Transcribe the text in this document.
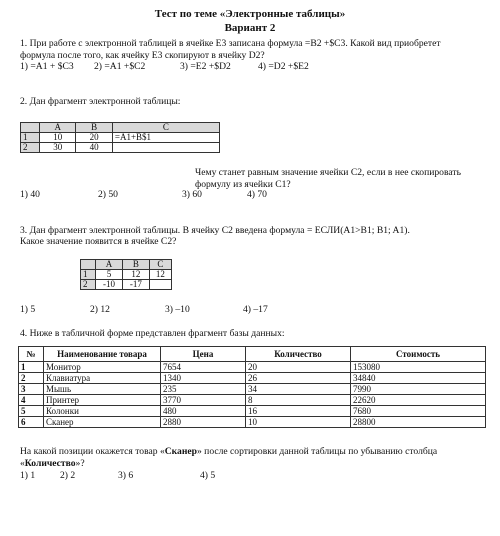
Тест по теме «Электронные таблицы»
Вариант 2
1. При работе с электронной таблицей в ячейке E3 записана формула =B2 +$C3. Какой вид приобретет
формула после того, как ячейку E3 скопируют в ячейку D2?
1) =A1 + $C3 2) =A1 +$C2	3) =E2 +$D2	4) =D2 +$E2
2. Дан фрагмент электронной таблицы:
	A	B	C
1	10	20	=A1+B$1
2	30	40	
Чему станет равным значение ячейки C2, если в нее скопировать
формулу из ячейки C1?
1) 40	2) 50	3) 60	4) 70
3. Дан фрагмент электронной таблицы. В ячейку С2 введена формула = ЕСЛИ(A1>B1; B1; A1).
Какое значение появится в ячейке С2?
	A	B	C
1	5	12	12
2	-10	-17	
1) 5	2) 12	3) –10	4) –17
4. Ниже в табличной форме представлен фрагмент базы данных:
№	Наименование товара	Цена	Количество	Стоимость
1	Монитор	7654	20	153080
2	Клавиатура	1340	26	34840
3	Мышь	235	34	7990
4	Принтер	3770	8	22620
5	Колонки	480	16	7680
6	Сканер	2880	10	28800
На какой позиции окажется товар «Сканер» после сортировки данной таблицы по убыванию столбца
«Количество»?
1) 1	2) 2	3) 6	4) 5
